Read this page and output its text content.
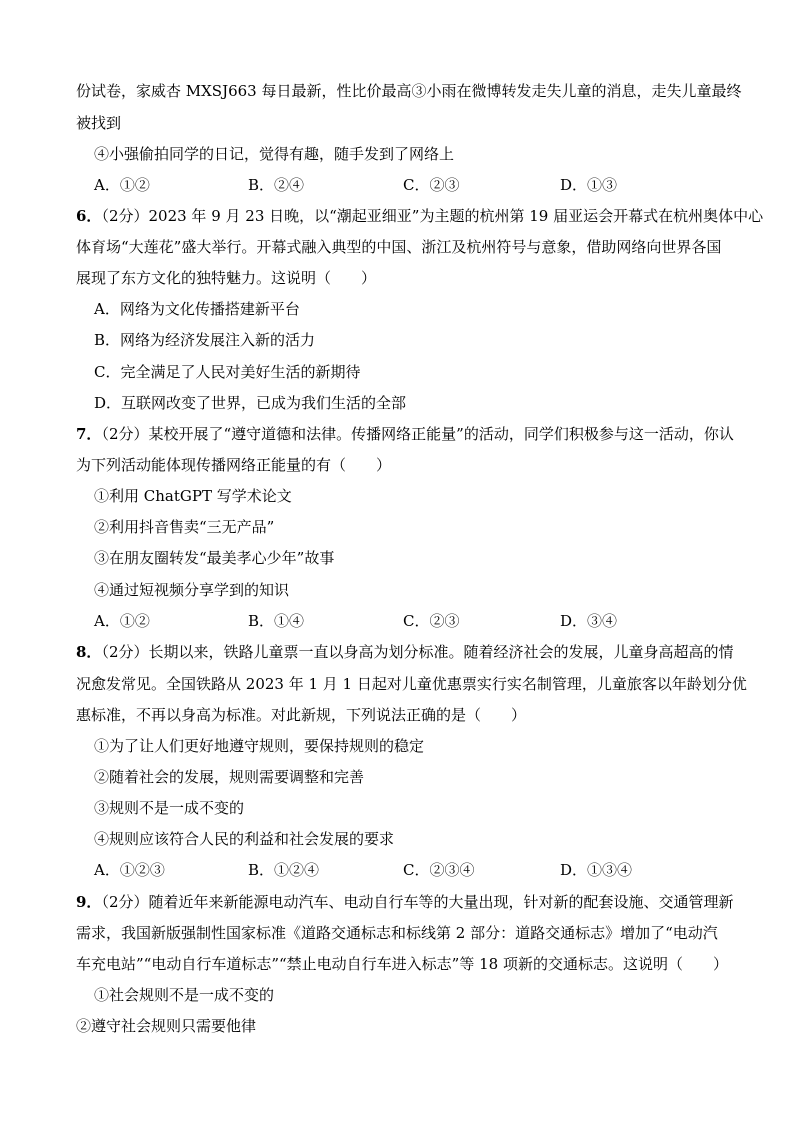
份试卷，家威杏 MXSJ663 每日最新，性比价最高③小雨在微博转发走失儿童的消息，走失儿童最终
被找到
④小强偷拍同学的日记，觉得有趣，随手发到了网络上
A．①②	B．②④	C．②③	D．①③
6．（2分）2023 年 9 月 23 日晚，以“潮起亚细亚”为主题的杭州第 19 届亚运会开幕式在杭州奥体中心
体育场“大莲花”盛大举行。开幕式融入典型的中国、浙江及杭州符号与意象，借助网络向世界各国
展现了东方文化的独特魅力。这说明（　　）
A．网络为文化传播搭建新平台
B．网络为经济发展注入新的活力
C．完全满足了人民对美好生活的新期待
D．互联网改变了世界，已成为我们生活的全部
7．（2分）某校开展了“遵守道德和法律。传播网络正能量”的活动，同学们积极参与这一活动，你认
为下列活动能体现传播网络正能量的有（　　）
①利用 ChatGPT 写学术论文
②利用抖音售卖“三无产品”
③在朋友圈转发“最美孝心少年”故事
④通过短视频分享学到的知识
A．①②	B．①④	C．②③	D．③④
8．（2分）长期以来，铁路儿童票一直以身高为划分标准。随着经济社会的发展，儿童身高超高的情
况愈发常见。全国铁路从 2023 年 1 月 1 日起对儿童优惠票实行实名制管理，儿童旅客以年龄划分优
惠标准，不再以身高为标准。对此新规，下列说法正确的是（　　）
①为了让人们更好地遵守规则，要保持规则的稳定
②随着社会的发展，规则需要调整和完善
③规则不是一成不变的
④规则应该符合人民的利益和社会发展的要求
A．①②③	B．①②④	C．②③④	D．①③④
9．（2分）随着近年来新能源电动汽车、电动自行车等的大量出现，针对新的配套设施、交通管理新
需求，我国新版强制性国家标准《道路交通标志和标线第 2 部分：道路交通标志》增加了“电动汽
车充电站”“电动自行车道标志”“禁止电动自行车进入标志”等 18 项新的交通标志。这说明（　　）
①社会规则不是一成不变的
②遵守社会规则只需要他律
